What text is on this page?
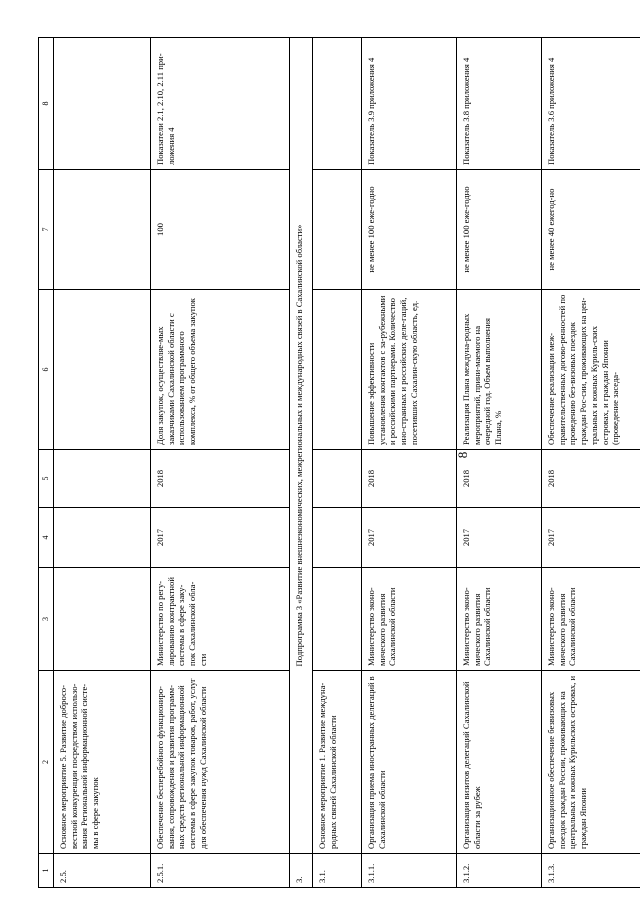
8
1	2	3	4	5	6	7	8
2.5.	Основное мероприятие 5. Развитие добросо-вестной конкуренции посредством использо-вания Региональной информационной систе-мы в сфере закупок						
2.5.1.	Обеспечение бесперебойного функциониро-вания, сопровождения и развития программ-ных средств региональной информационной системы в сфере закупок товаров, работ, услуг для обеспечения нужд Сахалинской области	Министерство по регу-лированию контрактной системы в сфере заку-пок Сахалинской обла-сти	2017	2018	Доля закупок, осуществляе-мых заказчиками Сахалинской области с использованием программного комплекса, % от общего объема закупок	100	Показатели 2.1, 2.10, 2.11 при-ложения 4
3.	Подпрограмма 3 «Развитие внешнеэкономических, межрегиональных и международных связей в Сахалинской области»						
3.1.	Основное мероприятие 1. Развитие междуна-родных связей Сахалинской области						
3.1.1.	Организация приема иностранных делегаций в Сахалинской области	Министерство эконо-мического развития Сахалинской области	2017	2018	Повышение эффективности установления контактов с за-рубежными и российскими партнерами. Количество ино-странных и российских деле-гаций, посетивших Сахалин-скую область, ед.	не менее 100 еже-годно	Показатель 3.9 приложения 4
3.1.2.	Организация визитов делегаций Сахалинской области за рубеж	Министерство эконо-мического развития Сахалинской области	2017	2018	Реализация Плана междуна-родных мероприятий, прини-маемого на очередной год. Объем выполнения Плана, %	не менее 100 еже-годно	Показатель 3.8 приложения 4
3.1.3.	Организационное обеспечение безвизовых поездок граждан России, проживающих на центральных и южных Курильских островах, и граждан Японии	Министерство эконо-мического развития Сахалинской области	2017	2018	Обеспечение реализации меж-правительственных догово-ренностей по проведению без-визовых поездок граждан Рос-сии, проживающих на цен-тральных и южных Куриль-ских островах, и граждан Японии (проведение заседа-	не менее 40 ежегод-но	Показатель 3.6 приложения 4
